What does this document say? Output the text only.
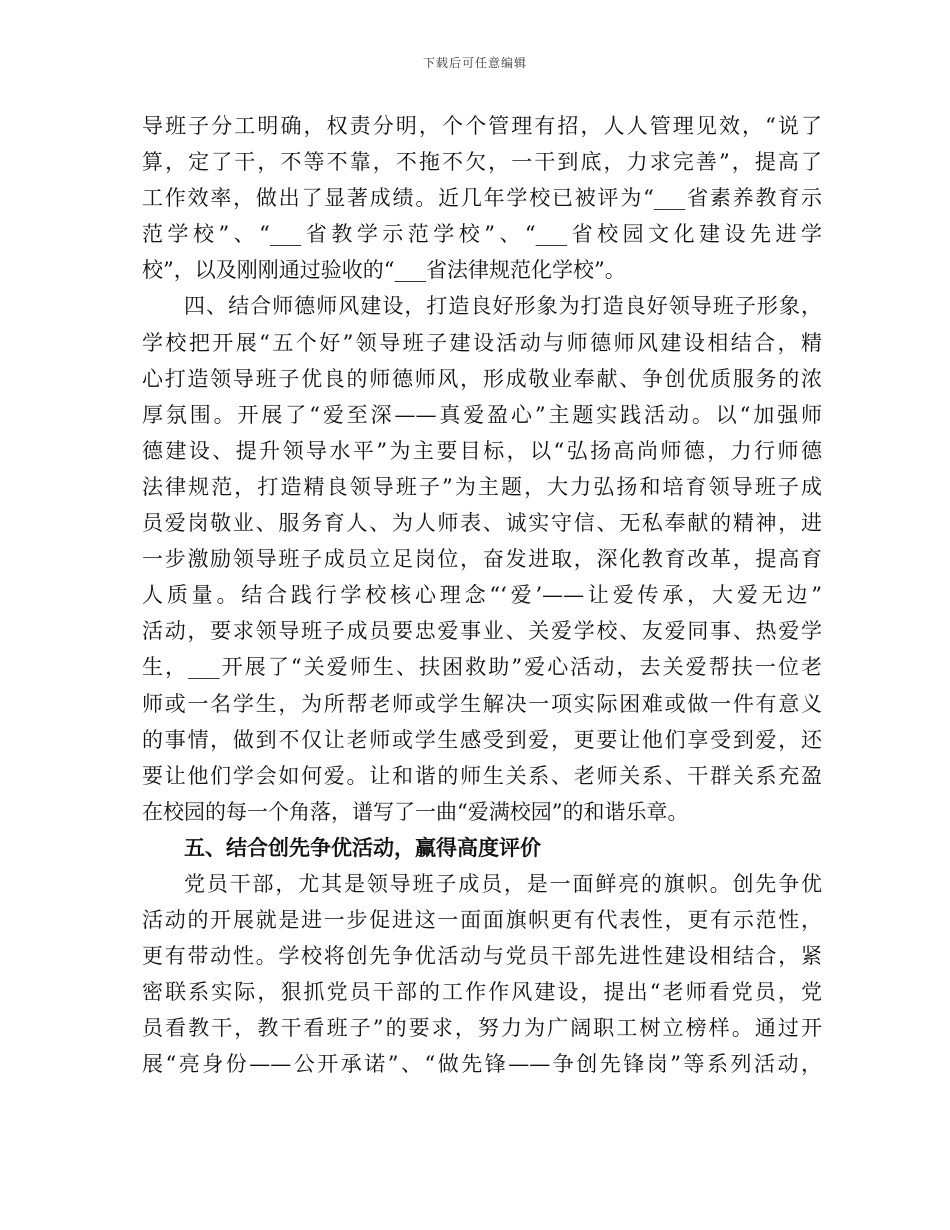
下载后可任意编辑
导班子分工明确，权责分明，个个管理有招，人人管理见效，“说了
算，定了干，不等不靠，不拖不欠，一干到底，力求完善”，提高了
工作效率，做出了显著成绩。近几年学校已被评为“___省素养教育示
范学校”、“___省教学示范学校”、“___省校园文化建设先进学
校”，以及刚刚通过验收的“___省法律规范化学校”。
四、结合师德师风建设，打造良好形象为打造良好领导班子形象，
学校把开展“五个好”领导班子建设活动与师德师风建设相结合，精
心打造领导班子优良的师德师风，形成敬业奉献、争创优质服务的浓
厚氛围。开展了“爱至深——真爱盈心”主题实践活动。以“加强师
德建设、提升领导水平”为主要目标，以“弘扬高尚师德，力行师德
法律规范，打造精良领导班子”为主题，大力弘扬和培育领导班子成
员爱岗敬业、服务育人、为人师表、诚实守信、无私奉献的精神，进
一步激励领导班子成员立足岗位，奋发进取，深化教育改革，提高育
人质量。结合践行学校核心理念“‘爱’——让爱传承，大爱无边”
活动，要求领导班子成员要忠爱事业、关爱学校、友爱同事、热爱学
生，___开展了“关爱师生、扶困救助”爱心活动，去关爱帮扶一位老
师或一名学生，为所帮老师或学生解决一项实际困难或做一件有意义
的事情，做到不仅让老师或学生感受到爱，更要让他们享受到爱，还
要让他们学会如何爱。让和谐的师生关系、老师关系、干群关系充盈
在校园的每一个角落，谱写了一曲“爱满校园”的和谐乐章。
五、结合创先争优活动，赢得高度评价
党员干部，尤其是领导班子成员，是一面鲜亮的旗帜。创先争优
活动的开展就是进一步促进这一面面旗帜更有代表性，更有示范性，
更有带动性。学校将创先争优活动与党员干部先进性建设相结合，紧
密联系实际，狠抓党员干部的工作作风建设，提出“老师看党员，党
员看教干，教干看班子”的要求，努力为广阔职工树立榜样。通过开
展“亮身份——公开承诺”、“做先锋——争创先锋岗”等系列活动，
